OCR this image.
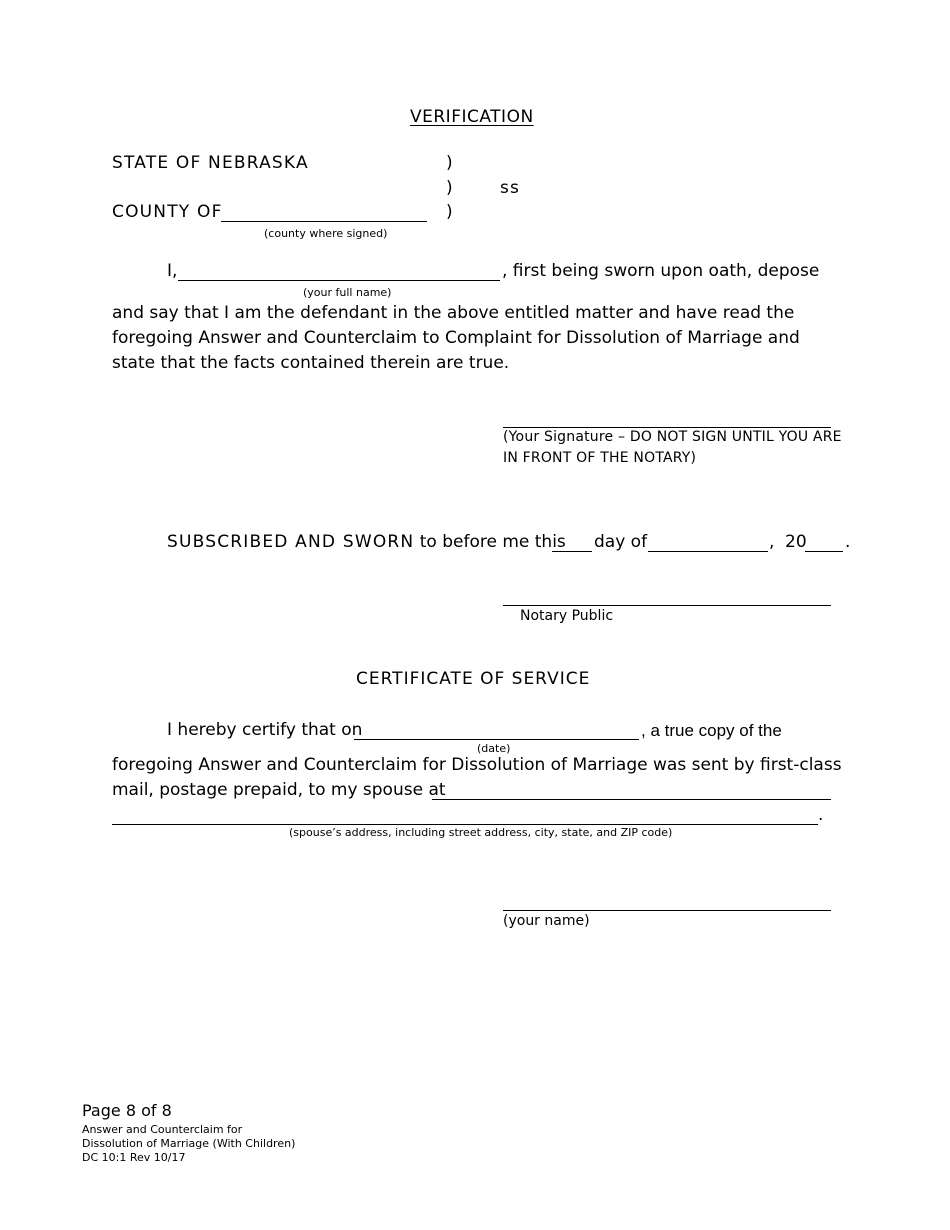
VERIFICATION
STATE OF NEBRASKA	)
)	ss
COUNTY OF	)
(county where signed)
I,	, first being sworn upon oath, depose
(your full name)

and say that I am the defendant in the above entitled matter and have read the foregoing Answer and Counterclaim to Complaint for Dissolution of Marriage and state that the facts contained therein are true.

(Your Signature – DO NOT SIGN UNTIL YOU ARE
IN FRONT OF THE NOTARY)
SUBSCRIBED AND SWORN to before me this day of	, 20 .
Notary Public
CERTIFICATE OF SERVICE
I hereby certify that on	, a true copy of the
(date)
foregoing Answer and Counterclaim for Dissolution of Marriage was sent by first-class
mail, postage prepaid, to my spouse at
.
(spouse’s address, including street address, city, state, and ZIP code)
(your name)
Page 8 of 8
Answer and Counterclaim for
Dissolution of Marriage (With Children)
DC 10:1 Rev 10/17
